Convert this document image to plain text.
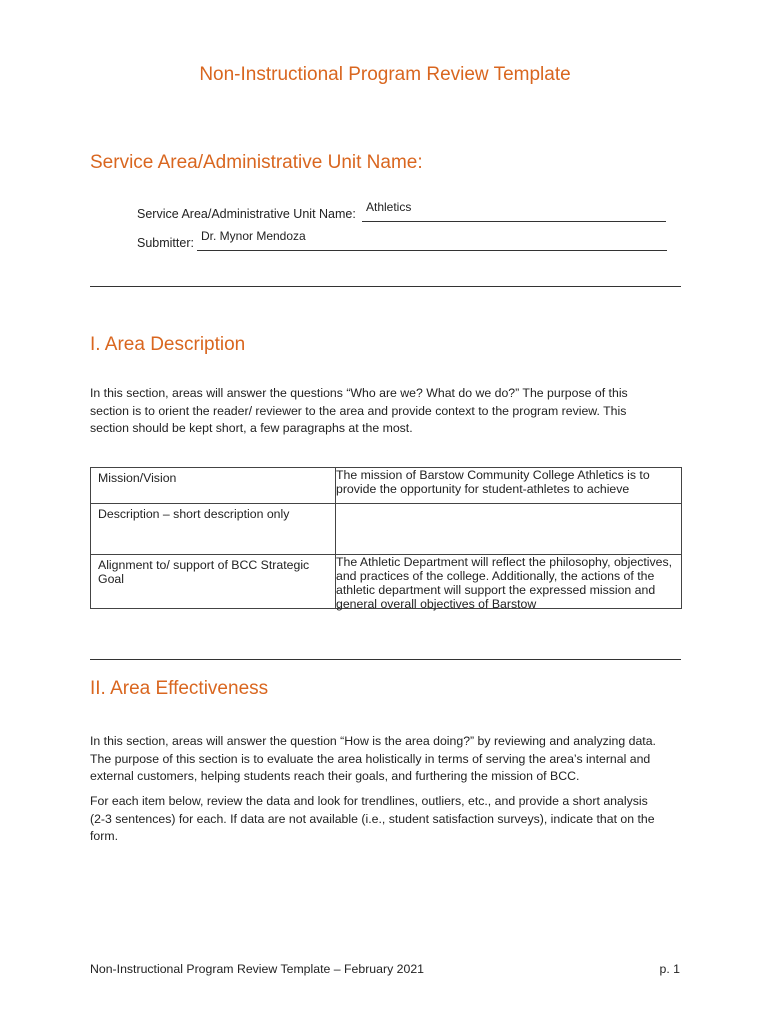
Non-Instructional Program Review Template
Service Area/Administrative Unit Name:
Service Area/Administrative Unit Name: Athletics
Submitter: Dr. Mynor Mendoza
I. Area Description
In this section, areas will answer the questions “Who are we? What do we do?” The purpose of this
section is to orient the reader/ reviewer to the area and provide context to the program review. This
section should be kept short, a few paragraphs at the most.
Mission/Vision	The mission of Barstow Community College Athletics is to provide the opportunity for student-athletes to achieve

Description – short description only	

Alignment to/ support of BCC Strategic Goal	The Athletic Department will reflect the philosophy, objectives, and practices of the college. Additionally, the actions of the athletic department will support the expressed mission and general overall objectives of Barstow
II. Area Effectiveness
In this section, areas will answer the question “How is the area doing?” by reviewing and analyzing data.
The purpose of this section is to evaluate the area holistically in terms of serving the area’s internal and
external customers, helping students reach their goals, and furthering the mission of BCC.
For each item below, review the data and look for trendlines, outliers, etc., and provide a short analysis
(2-3 sentences) for each. If data are not available (i.e., student satisfaction surveys), indicate that on the
form.
Non-Instructional Program Review Template – February 2021	p. 1
